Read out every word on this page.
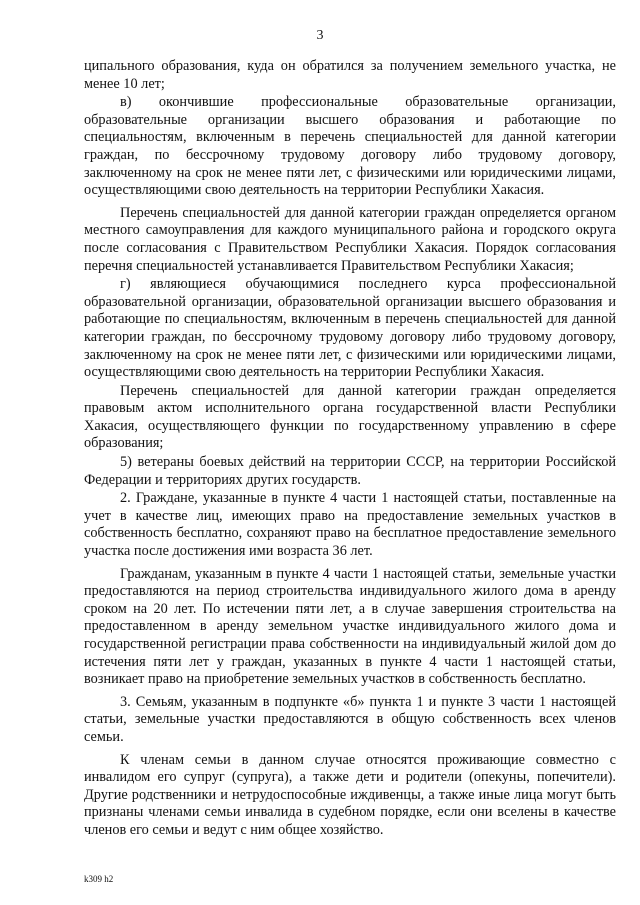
3

ципального образования, куда он обратился за получением земельного участка, не менее 10 лет;

в) окончившие профессиональные образовательные организации, образовательные организации высшего образования и работающие по специальностям, включенным в перечень специальностей для данной категории граждан, по бессрочному трудовому договору либо трудовому договору, заключенному на срок не менее пяти лет, с физическими или юридическими лицами, осуществляющими свою деятельность на территории Республики Хакасия.

Перечень специальностей для данной категории граждан определяется органом местного самоуправления для каждого муниципального района и городского округа после согласования с Правительством Республики Хакасия. Порядок согласования перечня специальностей устанавливается Правительством Республики Хакасия;

г) являющиеся обучающимися последнего курса профессиональной образовательной организации, образовательной организации высшего образования и работающие по специальностям, включенным в перечень специальностей для данной категории граждан, по бессрочному трудовому договору либо трудовому договору, заключенному на срок не менее пяти лет, с физическими или юридическими лицами, осуществляющими свою деятельность на территории Республики Хакасия.

Перечень специальностей для данной категории граждан определяется правовым актом исполнительного органа государственной власти Республики Хакасия, осуществляющего функции по государственному управлению в сфере образования;

5) ветераны боевых действий на территории СССР, на территории Российской Федерации и территориях других государств.

2. Граждане, указанные в пункте 4 части 1 настоящей статьи, поставленные на учет в качестве лиц, имеющих право на предоставление земельных участков в собственность бесплатно, сохраняют право на бесплатное предоставление земельного участка после достижения ими возраста 36 лет.

Гражданам, указанным в пункте 4 части 1 настоящей статьи, земельные участки предоставляются на период строительства индивидуального жилого дома в аренду сроком на 20 лет. По истечении пяти лет, а в случае завершения строительства на предоставленном в аренду земельном участке индивидуального жилого дома и государственной регистрации права собственности на индивидуальный жилой дом до истечения пяти лет у граждан, указанных в пункте 4 части 1 настоящей статьи, возникает право на приобретение земельных участков в собственность бесплатно.

3. Семьям, указанным в подпункте «б» пункта 1 и пункте 3 части 1 настоящей статьи, земельные участки предоставляются в общую собственность всех членов семьи.

К членам семьи в данном случае относятся проживающие совместно с инвалидом его супруг (супруга), а также дети и родители (опекуны, попечители). Другие родственники и нетрудоспособные иждивенцы, а также иные лица могут быть признаны членами семьи инвалида в судебном порядке, если они вселены в качестве членов его семьи и ведут с ним общее хозяйство.

k309 h2
